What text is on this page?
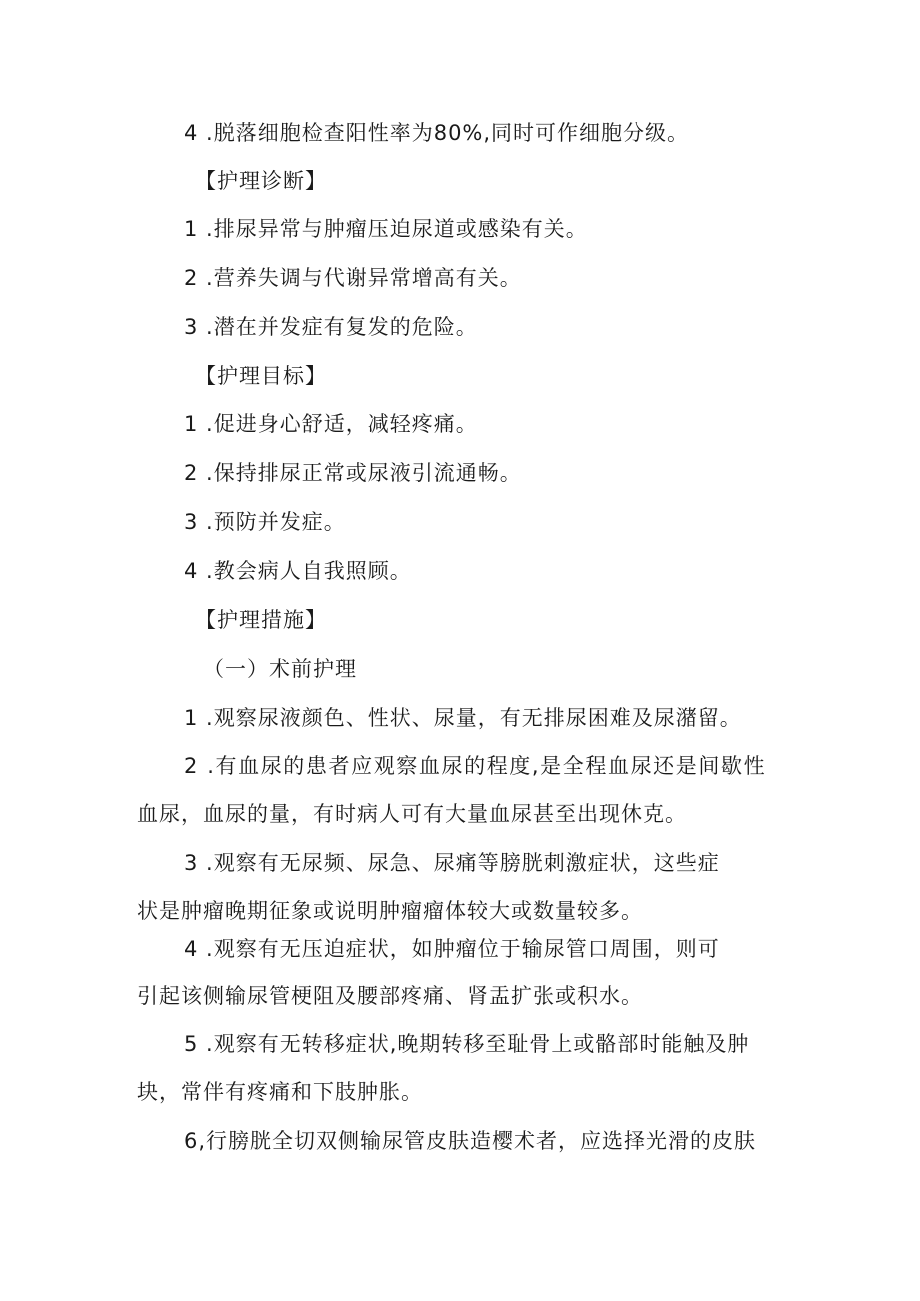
4 .脱落细胞检查阳性率为80%,同时可作细胞分级。
【护理诊断】
1 .排尿异常与肿瘤压迫尿道或感染有关。
2 .营养失调与代谢异常增高有关。
3 .潜在并发症有复发的危险。
【护理目标】
1 .促进身心舒适，减轻疼痛。
2 .保持排尿正常或尿液引流通畅。
3 .预防并发症。
4 .教会病人自我照顾。
【护理措施】
（一）术前护理
1 .观察尿液颜色、性状、尿量，有无排尿困难及尿潴留。
2 .有血尿的患者应观察血尿的程度,是全程血尿还是间歇性
血尿，血尿的量，有时病人可有大量血尿甚至出现休克。
3 .观察有无尿频、尿急、尿痛等膀胱刺激症状，这些症
状是肿瘤晚期征象或说明肿瘤瘤体较大或数量较多。
4 .观察有无压迫症状，如肿瘤位于输尿管口周围，则可
引起该侧输尿管梗阻及腰部疼痛、肾盂扩张或积水。
5 .观察有无转移症状,晚期转移至耻骨上或骼部时能触及肿
块，常伴有疼痛和下肢肿胀。
6,行膀胱全切双侧输尿管皮肤造樱术者，应选择光滑的皮肤
